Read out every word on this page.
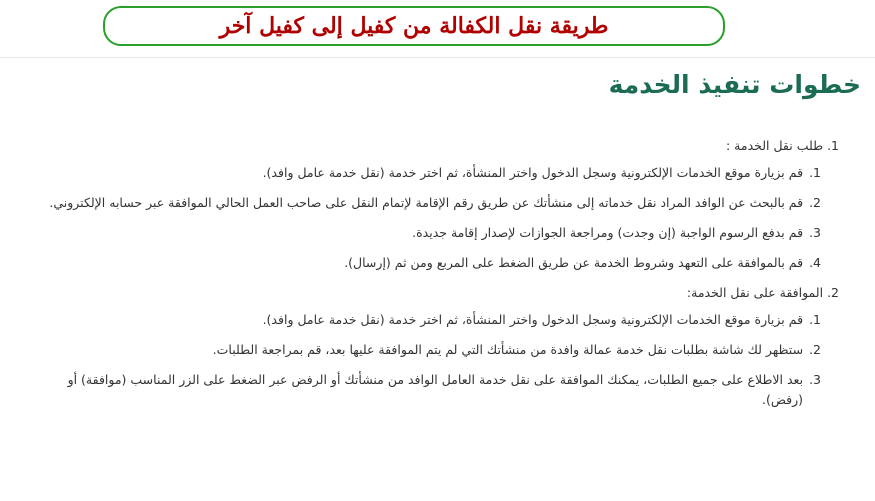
طريقة نقل الكفالة من كفيل إلى كفيل آخر
خطوات تنفيذ الخدمة
1. طلب نقل الخدمة :
1.
قم بزيارة موقع الخدمات الإلكترونية وسجل الدخول واختر المنشأة، ثم اختر خدمة (نقل خدمة عامل وافد).
2.
قم بالبحث عن الوافد المراد نقل خدماته إلى منشأتك عن طريق رقم الإقامة لإتمام النقل على صاحب العمل الحالي الموافقة عبر حسابه الإلكتروني.
3.
قم بدفع الرسوم الواجبة (إن وجدت) ومراجعة الجوازات لإصدار إقامة جديدة.
4.
قم بالموافقة على التعهد وشروط الخدمة عن طريق الضغط على المربع ومن ثم (إرسال).
2. الموافقة على نقل الخدمة:
1.
قم بزيارة موقع الخدمات الإلكترونية وسجل الدخول واختر المنشأة، ثم اختر خدمة (نقل خدمة عامل وافد).
2.
ستظهر لك شاشة بطلبات نقل خدمة عمالة وافدة من منشأتك التي لم يتم الموافقة عليها بعد، قم بمراجعة الطلبات.
3.
بعد الاطلاع على جميع الطلبات، يمكنك الموافقة على نقل خدمة العامل الوافد من منشأتك أو الرفض عبر الضغط على الزر المناسب (موافقة) أو (رفض).
